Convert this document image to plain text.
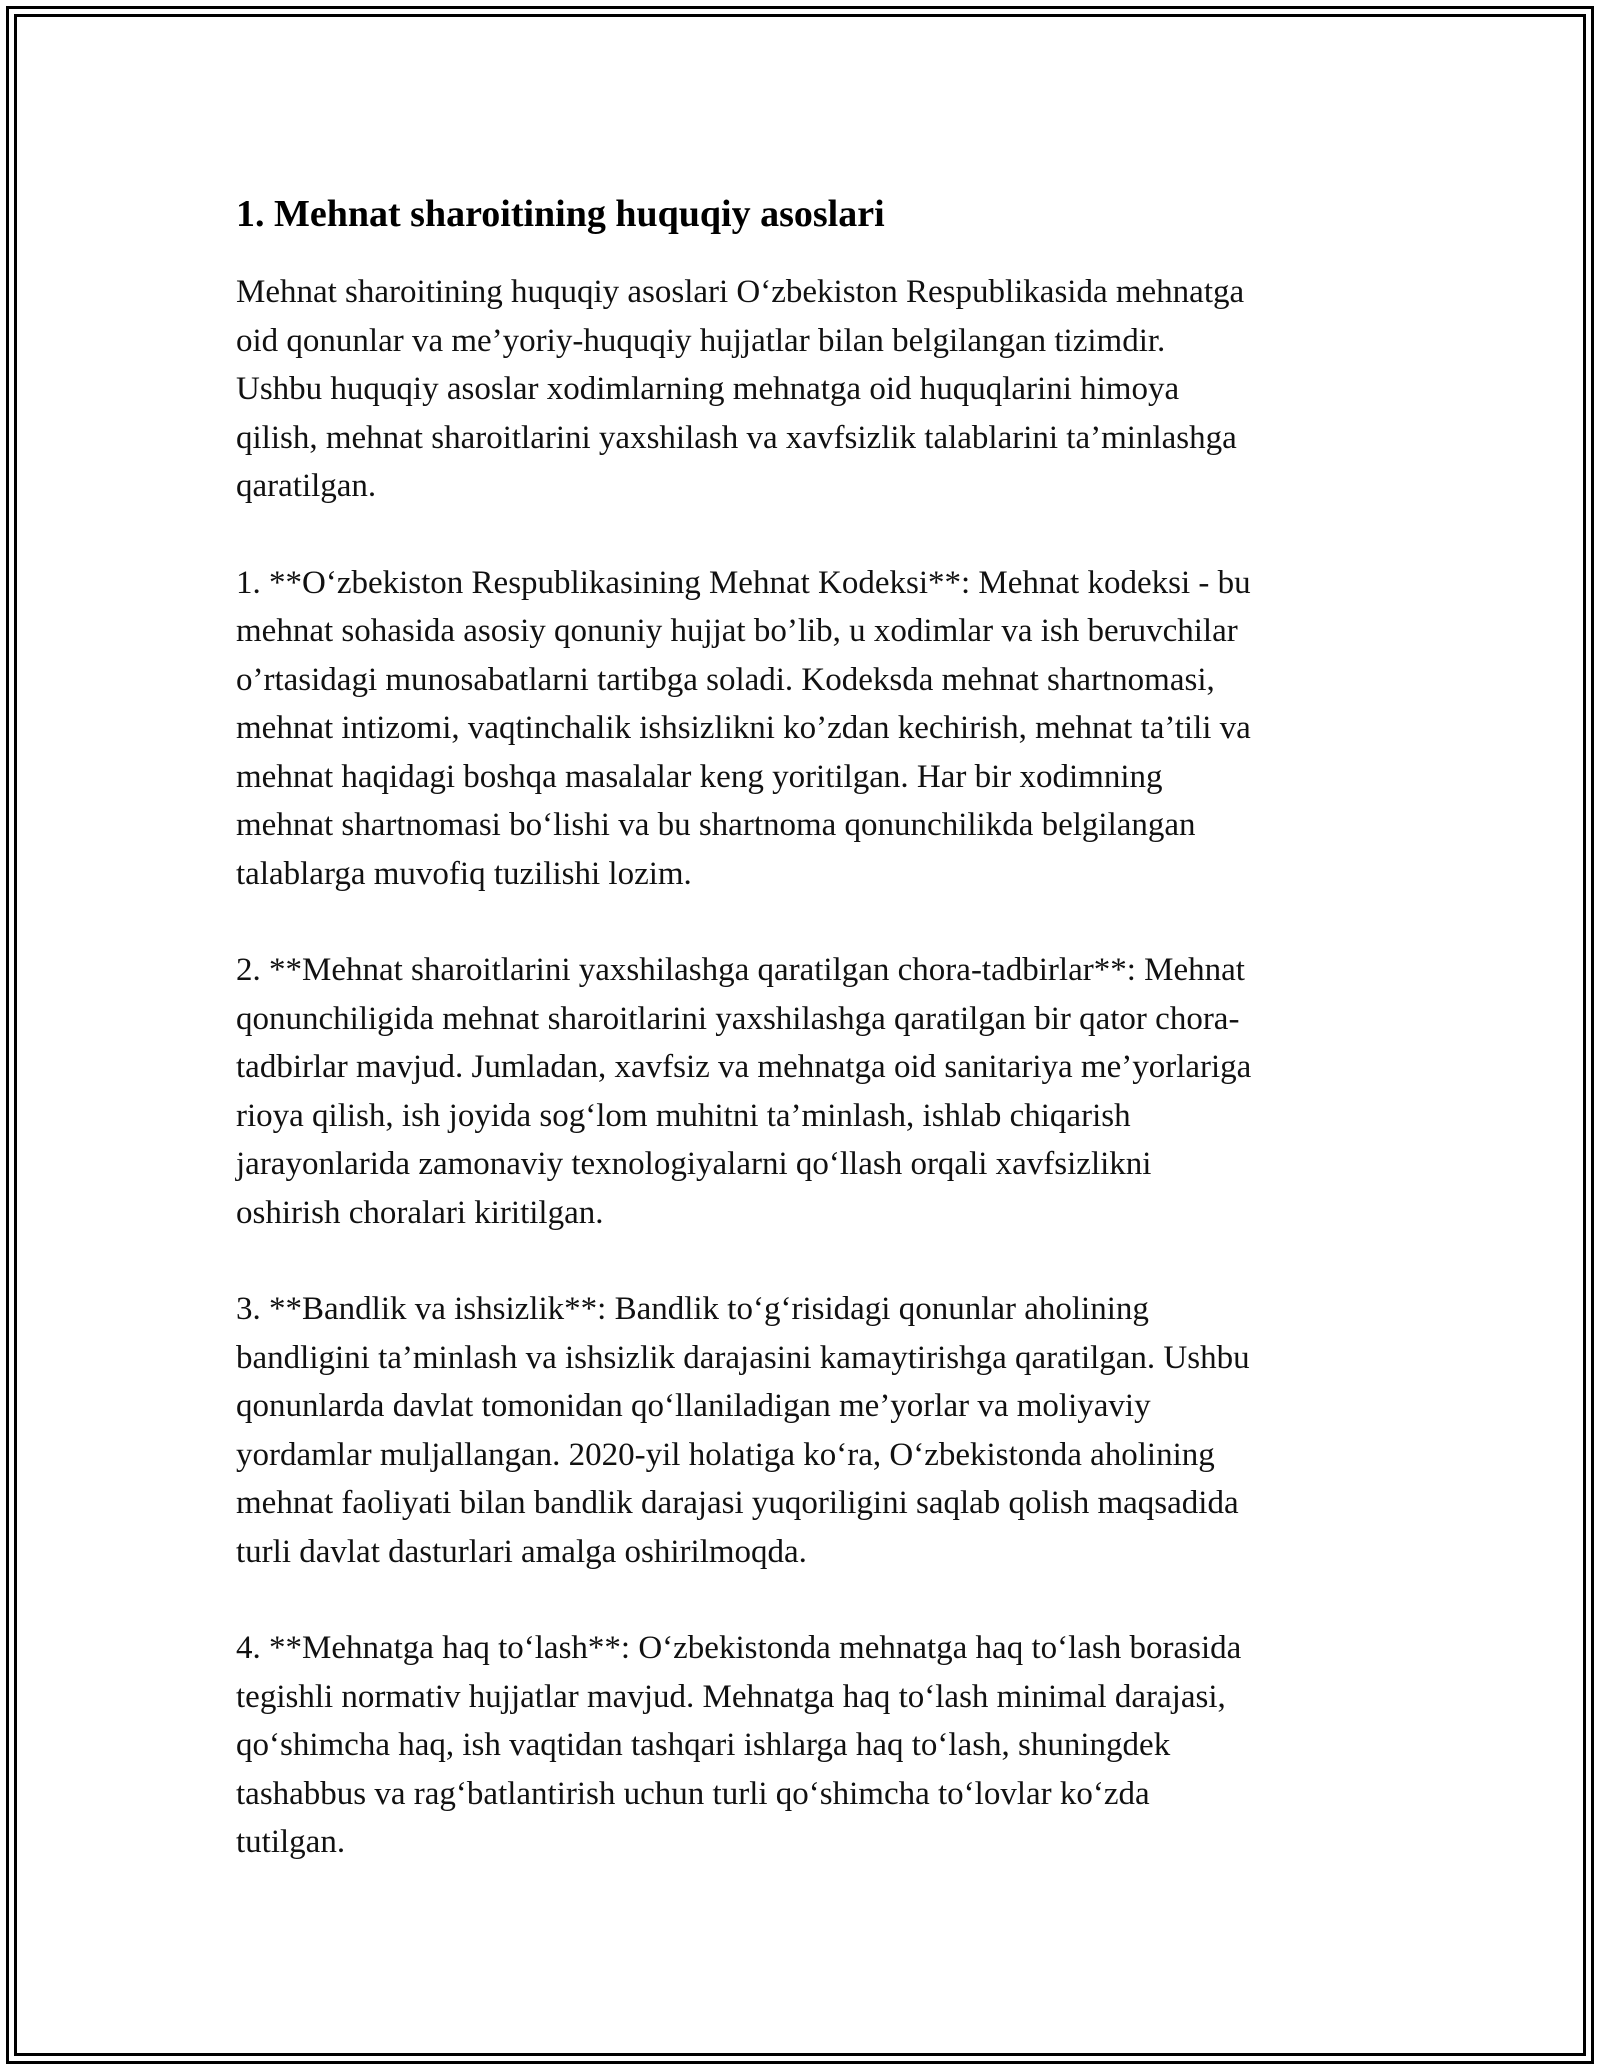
1. Mehnat sharoitining huquqiy asoslari

Mehnat sharoitining huquqiy asoslari O‘zbekiston Respublikasida mehnatga
oid qonunlar va me’yoriy-huquqiy hujjatlar bilan belgilangan tizimdir.
Ushbu huquqiy asoslar xodimlarning mehnatga oid huquqlarini himoya
qilish, mehnat sharoitlarini yaxshilash va xavfsizlik talablarini ta’minlashga
qaratilgan.

1. **O‘zbekiston Respublikasining Mehnat Kodeksi**: Mehnat kodeksi - bu
mehnat sohasida asosiy qonuniy hujjat bo’lib, u xodimlar va ish beruvchilar
o’rtasidagi munosabatlarni tartibga soladi. Kodeksda mehnat shartnomasi,
mehnat intizomi, vaqtinchalik ishsizlikni ko’zdan kechirish, mehnat ta’tili va
mehnat haqidagi boshqa masalalar keng yoritilgan. Har bir xodimning
mehnat shartnomasi bo‘lishi va bu shartnoma qonunchilikda belgilangan
talablarga muvofiq tuzilishi lozim.

2. **Mehnat sharoitlarini yaxshilashga qaratilgan chora-tadbirlar**: Mehnat
qonunchiligida mehnat sharoitlarini yaxshilashga qaratilgan bir qator chora-
tadbirlar mavjud. Jumladan, xavfsiz va mehnatga oid sanitariya me’yorlariga
rioya qilish, ish joyida sog‘lom muhitni ta’minlash, ishlab chiqarish
jarayonlarida zamonaviy texnologiyalarni qo‘llash orqali xavfsizlikni
oshirish choralari kiritilgan.

3. **Bandlik va ishsizlik**: Bandlik to‘g‘risidagi qonunlar aholining
bandligini ta’minlash va ishsizlik darajasini kamaytirishga qaratilgan. Ushbu
qonunlarda davlat tomonidan qo‘llaniladigan me’yorlar va moliyaviy
yordamlar muljallangan. 2020-yil holatiga ko‘ra, O‘zbekistonda aholining
mehnat faoliyati bilan bandlik darajasi yuqoriligini saqlab qolish maqsadida
turli davlat dasturlari amalga oshirilmoqda.

4. **Mehnatga haq to‘lash**: O‘zbekistonda mehnatga haq to‘lash borasida
tegishli normativ hujjatlar mavjud. Mehnatga haq to‘lash minimal darajasi,
qo‘shimcha haq, ish vaqtidan tashqari ishlarga haq to‘lash, shuningdek
tashabbus va rag‘batlantirish uchun turli qo‘shimcha to‘lovlar ko‘zda
tutilgan.
